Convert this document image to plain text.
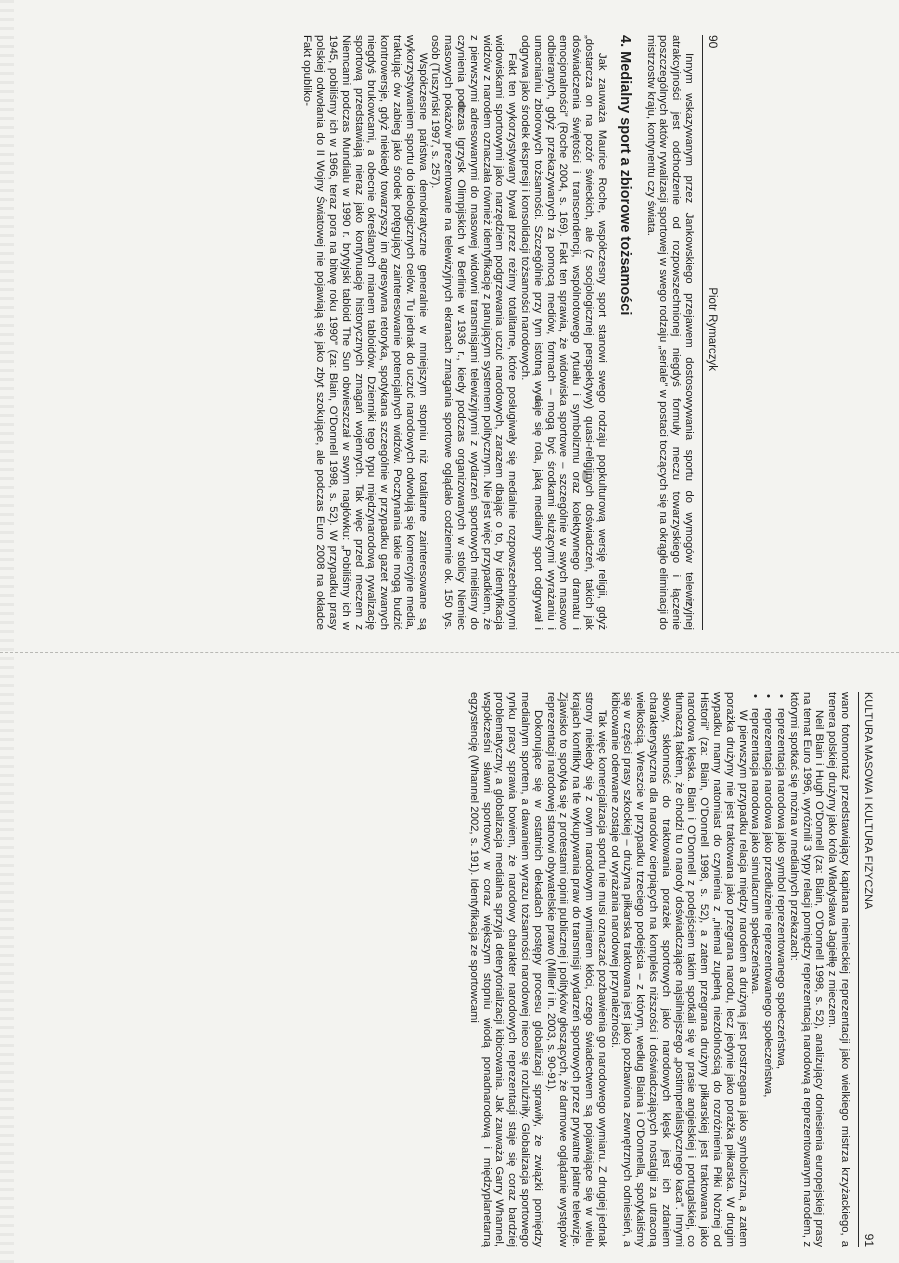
90
Piotr Rymarczyk

Innym wskazywanym przez Jankowskiego przejawem dostosowywania sportu do wymogów telewizyjnej atrakcyjności jest odchodzenie od rozpowszechnionej niegdyś formuły meczu towarzyskiego i łączenie poszczególnych aktów rywalizacji sportowej w swego rodzaju „seriale” w postaci toczących się na okrągło eliminacji do mistrzostw kraju, kontynentu czy świata.

4. Medialny sport a zbiorowe tożsamości

Jak zauważa Maurice Roche, współczesny sport stanowi swego rodzaju popkulturową wersję religii, gdyż „dostarcza on na pozór świeckich, ale (z socjologicznej perspektywy) quasi-religijnych doświadczeń, takich jak doświadczenia świętości i transcendencji, wspólnotowego rytuału i symbolizmu oraz kolektywnego dramatu i emocjonalności” (Roche 2004, s. 169). Fakt ten sprawia, że widowiska sportowe – szczególnie w swych masowo odbieranych, gdyż przekazywanych za pomocą mediów, formach – mogą być środkami służącymi wyrażaniu i umacnianiu zbiorowych tożsamości. Szczególnie przy tym istotną wydaje się rola, jaką medialny sport odgrywał i odgrywa jako środek ekspresji i konsolidacji tożsamości narodowych.

Fakt ten wykorzystywany bywał przez reżimy totalitarne, które posługiwały się medialnie rozpowszechnionymi widowiskami sportowymi jako narzędziem podgrzewania uczuć narodowych, zarazem dbając o to, by identyfikacja widzów z narodem oznaczała również identyfikację z panującym systemem politycznym. Nie jest więc przypadkiem, że z pierwszymi adresowanymi do masowej widowni transmisjami telewizyjnymi z wydarzeń sportowych mieliśmy do czynienia podczas Igrzysk Olimpijskich w Berlinie w 1936 r., kiedy podczas organizowanych w stolicy Niemiec masowych pokazów prezentowane na telewizyjnych ekranach zmagania sportowe oglądało codziennie ok. 150 tys. osób (Tuszyński 1997, s. 257).

Współczesne państwa demokratyczne generalnie w mniejszym stopniu niż totalitarne zainteresowane są wykorzystywaniem sportu do ideologicznych celów. Tu jednak do uczuć narodowych odwołują się komercyjne media, traktując ów zabieg jako środek potęgujący zainteresowanie potencjalnych widzów. Pocztynania takie mogą budzić kontrowersje, gdyż niekiedy towarzyszy im agresywna retoryka, spotykana szczególnie w przypadku gazet zwanych niegdyś brukowcami, a obecnie określanych mianem tabloidów. Dzienniki tego typu międzynarodową rywalizację sportową przedstawiają nieraz jako kontynuację historycznych zmagań wojennych. Tak więc przed meczem z Niemcami podczas Mundialu w 1990 r. brytyjski tabloid The Sun obwieszczał w swym nagłówku: „Pobiliśmy ich w 1945, pobiliśmy ich w 1966, teraz pora na bitwę roku 1990” (za: Blain, O’Donnell 1998, s. 52). W przypadku prasy polskiej odwołania do II Wojny Światowej nie pojawiają się jako zbyt szokujące, ale podczas Euro 2008 na okładce Fakt opubliko-

KULTURA MASOWA I KULTURA FIZYCZNA
91

wano fotomontaż przedstawiający kapitana niemieckiej reprezentacji jako wielkiego mistrza krzyżackiego, a trenera polskiej drużyny jako króla Władysława Jagiełłę z mieczem.

Neil Blain i Hugh O’Donnell (za: Blain, O’Donnell 1998, s. 52), analizujący doniesienia europejskiej prasy na temat Euro 1996, wyróżnili 3 typy relacji pomiędzy reprezentacją narodową a reprezentowanym narodem, z którymi spotkać się można w medialnych przekazach:

•
reprezentacja narodowa jako symbol reprezentowanego społeczeństwa,
•
reprezentacja narodowa jako przedłużenie reprezentowanego społeczeństwa,
•
reprezentacja narodowa jako simulacrum społeczeństwa.

W pierwszym przypadku relacja między narodem a drużyną jest postrzegana jako symboliczna, a zatem porażka drużyny nie jest traktowana jako przegrana narodu, lecz jedynie jako porażka piłkarska. W drugim wypadku mamy natomiast do czynienia z „niemal zupełną niezdolnością do rozróżnienia Piłki Nożnej od Historii” (za: Blain, O’Donnell 1998, s. 52), a zatem przegrana drużyny piłkarskiej jest traktowana jako narodowa klęska. Blain i O’Donnell z podejściem takim spotkali się w prasie angielskiej i portugalskiej, co tłumaczą faktem, że chodzi tu o narody doświadczające najsilniejszego „postimperialistycznego kaca”. Innymi słowy, skłonność do traktowania porażek sportowych jako narodowych klęsk jest ich zdaniem charakterystyczna dla narodów cierpiących na kompleks niższości i doświadczających nostalgii za utraconą wielkością. Wreszcie w przypadku trzeciego podejścia – z którym, według Blaina i O’Donnella, spotykaliśmy się w części prasy szkockiej – drużyna piłkarska traktowana jest jako pozbawiona zewnętrznych odniesień, a kibicowanie oderwane zostaje od wyrażania narodowej przynależności.

Tak więc komercjalizacja sportu nie musi oznaczać pozbawienia go narodowego wymiaru. Z drugiej jednak strony niekiedy się z owym narodowym wymiarem kłóci, czego świadectwem są pojawiające się w wielu krajach konflikty na tle wykupywania praw do transmisji wydarzeń sportowych przez prywatne płatne telewizje. Zjawisko to spotyka się z protestami opinii publicznej i polityków głoszących, że darmowe oglądanie występów reprezentacji narodowej stanowi obywatelskie prawo (Miller i in. 2003, s. 90-91).

Dokonujące się w ostatnich dekadach postępy procesu globalizacji sprawiły, że związki pomiędzy medialnym sportem, a dawaniem wyrazu tożsamości narodowej nieco się rozluźniły. Globalizacja sportowego rynku pracy sprawia bowiem, że narodowy charakter narodowych reprezentacji staje się coraz bardziej problematyczny, a globalizacja medialna sprzyja deterytorializacji kibicowania. Jak zauważa Garry Whannel, współcześni sławni sportowcy w coraz większym stopniu wiodą ponadnarodową i międzyplanetarną egzystencję (Whannel 2002, s. 191). Identyfikacja ze sportowcami
